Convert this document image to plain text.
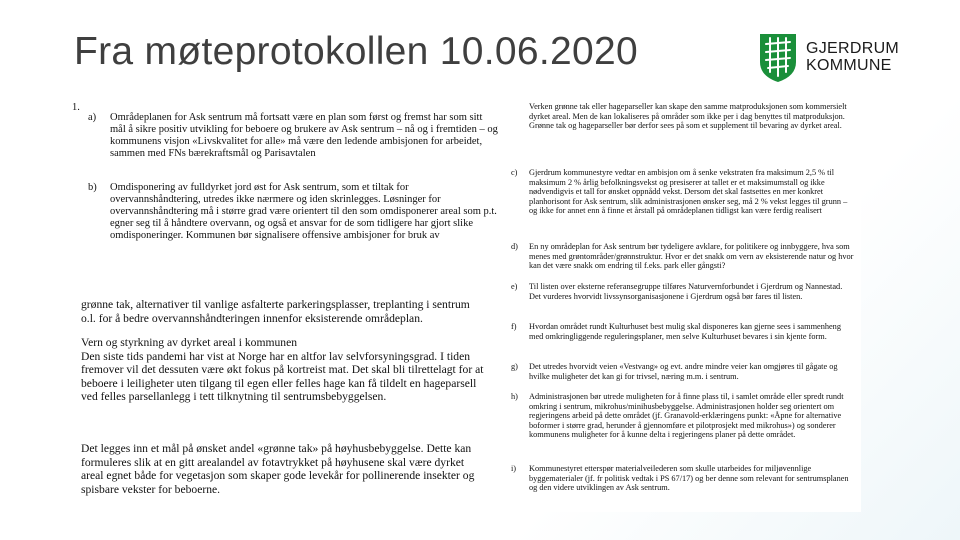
Fra møteprotokollen 10.06.2020	GJERDRUM
KOMMUNE
1.
a) Områdeplanen for Ask sentrum må fortsatt være en plan som først og fremst har som sitt mål å sikre positiv utvikling for beboere og brukere av Ask sentrum – nå og i fremtiden – og kommunens visjon «Livskvalitet for alle» må være den ledende ambisjonen for arbeidet, sammen med FNs bærekraftsmål og Parisavtalen

b) Omdisponering av fulldyrket jord øst for Ask sentrum, som et tiltak for overvannshåndtering, utredes ikke nærmere og iden skrinlegges. Løsninger for overvannshåndtering må i større grad være orientert til den som omdisponerer areal som p.t. egner seg til å håndtere overvann, og også et ansvar for de som tidligere har gjort slike omdisponeringer. Kommunen bør signalisere offensive ambisjoner for bruk av

grønne tak, alternativer til vanlige asfalterte parkeringsplasser, treplanting i sentrum o.l. for å bedre overvannshåndteringen innenfor eksisterende områdeplan.

Vern og styrkning av dyrket areal i kommunen
Den siste tids pandemi har vist at Norge har en altfor lav selvforsyningsgrad. I tiden fremover vil det dessuten være økt fokus på kortreist mat. Det skal bli tilrettelagt for at beboere i leiligheter uten tilgang til egen eller felles hage kan få tildelt en hageparsell ved felles parsellanlegg i tett tilknytning til sentrumsbebyggelsen.

Det legges inn et mål på ønsket andel «grønne tak» på høyhusbebyggelse. Dette kan formuleres slik at en gitt arealandel av fotavtrykket på høyhusene skal være dyrket areal egnet både for vegetasjon som skaper gode levekår for pollinerende insekter og spisbare vekster for beboerne.

Verken grønne tak eller hageparseller kan skape den samme matproduksjonen som kommersielt dyrket areal. Men de kan lokaliseres på områder som ikke per i dag benyttes til matproduksjon. Grønne tak og hageparseller bør derfor sees på som et supplement til bevaring av dyrket areal.

c) Gjerdrum kommunestyre vedtar en ambisjon om å senke vekstraten fra maksimum 2,5 % til maksimum 2 % årlig befolkningsvekst og presiserer at tallet er et maksimumstall og ikke nødvendigvis et tall for ønsket oppnådd vekst. Dersom det skal fastsettes en mer konkret planhorisont for Ask sentrum, slik administrasjonen ønsker seg, må 2 % vekst legges til grunn – og ikke for annet enn å finne et årstall på områdeplanen tidligst kan være ferdig realisert

d) En ny områdeplan for Ask sentrum bør tydeligere avklare, for politikere og innbyggere, hva som menes med grøntområder/grønnstruktur. Hvor er det snakk om vern av eksisterende natur og hvor kan det være snakk om endring til f.eks. park eller gångsti?

e) Til listen over eksterne referansegruppe tilføres Naturvernforbundet i Gjerdrum og Nannestad. Det vurderes hvorvidt livssynsorganisasjonene i Gjerdrum også bør fares til listen.

f) Hvordan området rundt Kulturhuset best mulig skal disponeres kan gjerne sees i sammenheng med omkringliggende reguleringsplaner, men selve Kulturhuset bevares i sin kjente form.

g) Det utredes hvorvidt veien «Vestvang» og evt. andre mindre veier kan omgjøres til gågate og hvilke muligheter det kan gi for trivsel, næring m.m. i sentrum.

h) Administrasjonen bør utrede muligheten for å finne plass til, i samlet område eller spredt rundt omkring i sentrum, mikrohus/minihusbebyggelse. Administrasjonen holder seg orientert om regjeringens arbeid på dette området (jf. Granavold-erklæringens punkt: «Åpne for alternative boformer i større grad, herunder å gjennomføre et pilotprosjekt med mikrohus») og sonderer kommunens muligheter for å kunne delta i regjeringens planer på dette området.

i) Kommunestyret etterspør materialveilederen som skulle utarbeides for miljøvennlige byggematerialer (jf. fr politisk vedtak i PS 67/17) og ber denne som relevant for sentrumsplanen og den videre utviklingen av Ask sentrum.
